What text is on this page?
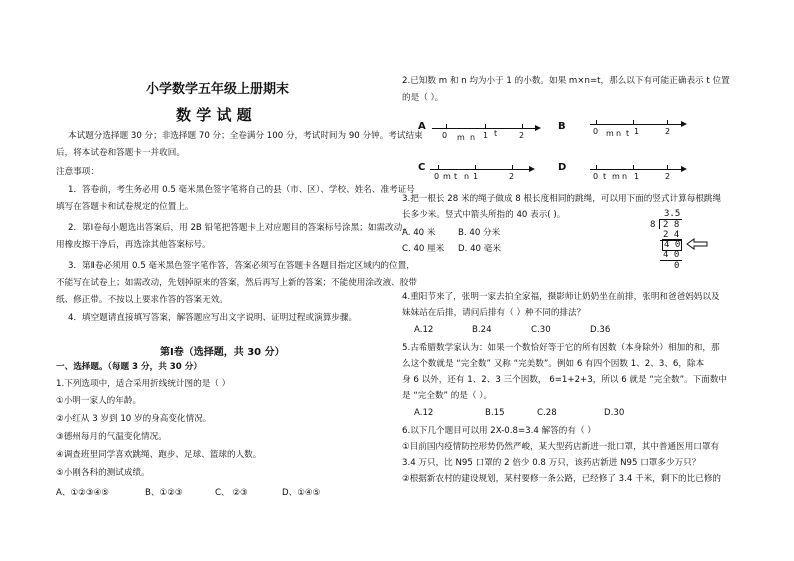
小学数学五年级上册期末
数 学 试 题
本试题分选择题 30 分；非选择题 70 分；全卷满分 100 分，考试时间为 90 分钟。考试结束
后，将本试卷和答题卡一并收回。
注意事项：
1．答卷前，考生务必用 0.5 毫米黑色签字笔将自己的县（市、区）、学校、姓名、准考证号
填写在答题卡和试卷规定的位置上。
2．第Ⅰ卷每小题选出答案后，用 2B 铅笔把答题卡上对应题目的答案标号涂黑；如需改动，
用橡皮擦干净后，再选涂其他答案标号。
3．第Ⅱ卷必须用 0.5 毫米黑色签字笔作答，答案必须写在答题卡各题目指定区域内的位置，
不能写在试卷上；如需改动，先划掉原来的答案，然后再写上新的答案；不能使用涂改液、胶带
纸、修正带。不按以上要求作答的答案无效。
4．填空题请直接填写答案，解答题应写出文字说明、证明过程或演算步骤。
第Ⅰ卷（选择题，共 30 分）
一、选择题。（每题 3 分，共 30 分）
1.下列选项中，适合采用折线统计图的是（ ）
①小明一家人的年龄。
②小红从 3 岁到 10 岁的身高变化情况。
③德州每月的气温变化情况。
④调查班里同学喜欢跳绳、跑步、足球、篮球的人数。
⑤小刚各科的测试成绩。
A、①②③④⑤	B、①②③	C、 ②③	D、①④⑤
2.已知数 m 和 n 均为小于 1 的小数。如果 m×n=t，那么以下有可能正确表示 t 位置
的是（ ）。
A
0 m n 1 t	2
B	0 m n t 1	2
C
0 m t n 1	2
D
0 t m n 1	2
3.把一根长 28 米的绳子做成 8 根长度相同的跳绳，可以用下面的竖式计算每根跳绳
长多少米。竖式中箭头所指的 40 表示( )。
A. 40 米	B. 40 分米
C. 40 厘米 D. 40 毫米
3.5
8 2 8
2 4
4 0
4 0
0
4.重阳节来了，张明一家去拍全家福，摄影师让奶奶坐在前排，张明和爸爸妈妈以及
妹妹站在后排，请问后排有（ ）种不同的排法？
A.12	B.24	C.30	D.36
5.古希腊数学家认为：如果一个数恰好等于它的所有因数（本身除外）相加的和，那
么这个数就是 “完全数” 又称 “完美数”。例如 6 有四个因数 1、2、3、6，除本
身 6 以外，还有 1、2、3 三个因数， 6=1+2+3，所以 6 就是 “完全数”。下面数中
是 “完全数” 的是（ ）。
A.12	B.15	C.28	D.30
6.以下几个题目可以用 2X-0.8=3.4 解答的有（ ）
①目前国内疫情防控形势仍然严峻，某大型药店新进一批口罩，其中普通医用口罩有
3.4 万只，比 N95 口罩的 2 倍少 0.8 万只，该药店新进 N95 口罩多少万只？
②根据新农村的建设规划，某村要修一条公路，已经修了 3.4 千米，剩下的比已修的
